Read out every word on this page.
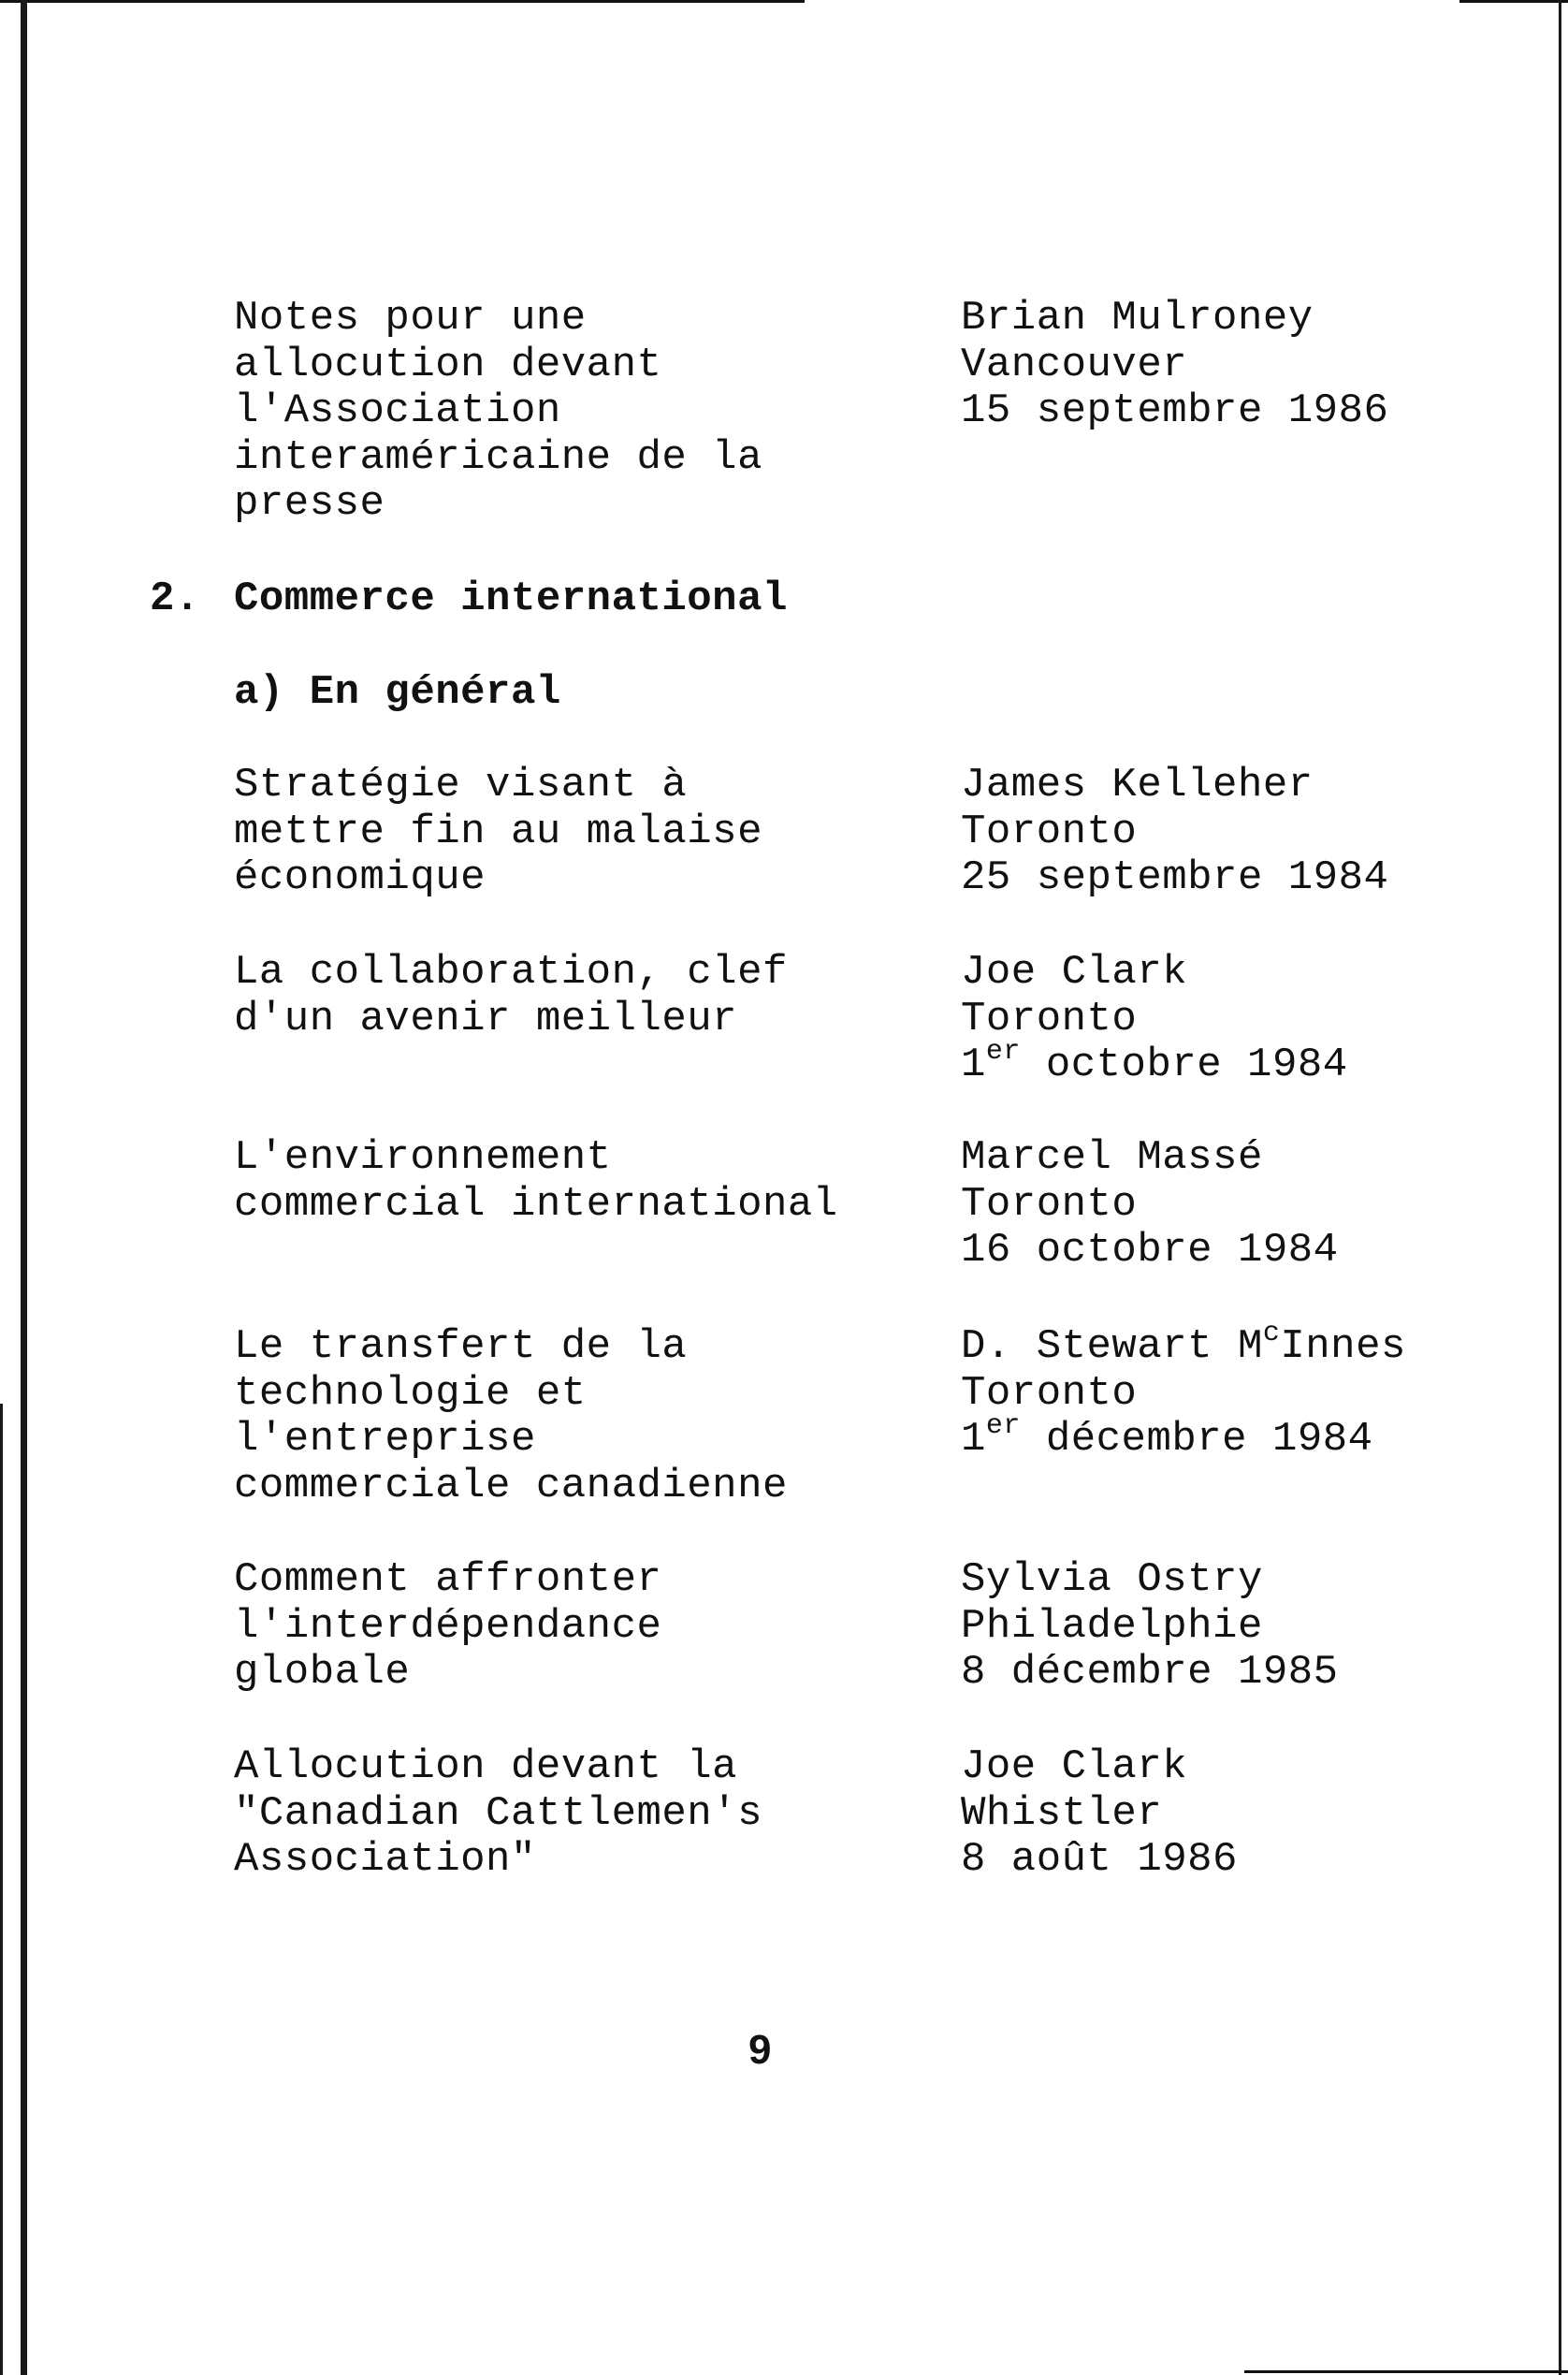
Notes pour une
allocution devant
l'Association
interaméricaine de la
presse
Brian Mulroney
Vancouver
15 septembre 1986
2. Commerce international
a) En général
Stratégie visant à
mettre fin au malaise
économique
James Kelleher
Toronto
25 septembre 1984
La collaboration, clef
d'un avenir meilleur
Joe Clark
Toronto
1er octobre 1984
L'environnement
commercial international
Marcel Massé
Toronto
16 octobre 1984
Le transfert de la
technologie et
l'entreprise
commerciale canadienne
D. Stewart $M^cInnes$
Toronto
1er décembre 1984
Comment affronter
l'interdépendance
globale
Sylvia Ostry
Philadelphie
8 décembre 1985
Allocution devant la
"Canadian Cattlemen's
Association"
Joe Clark
Whistler
8 août 1986
9
